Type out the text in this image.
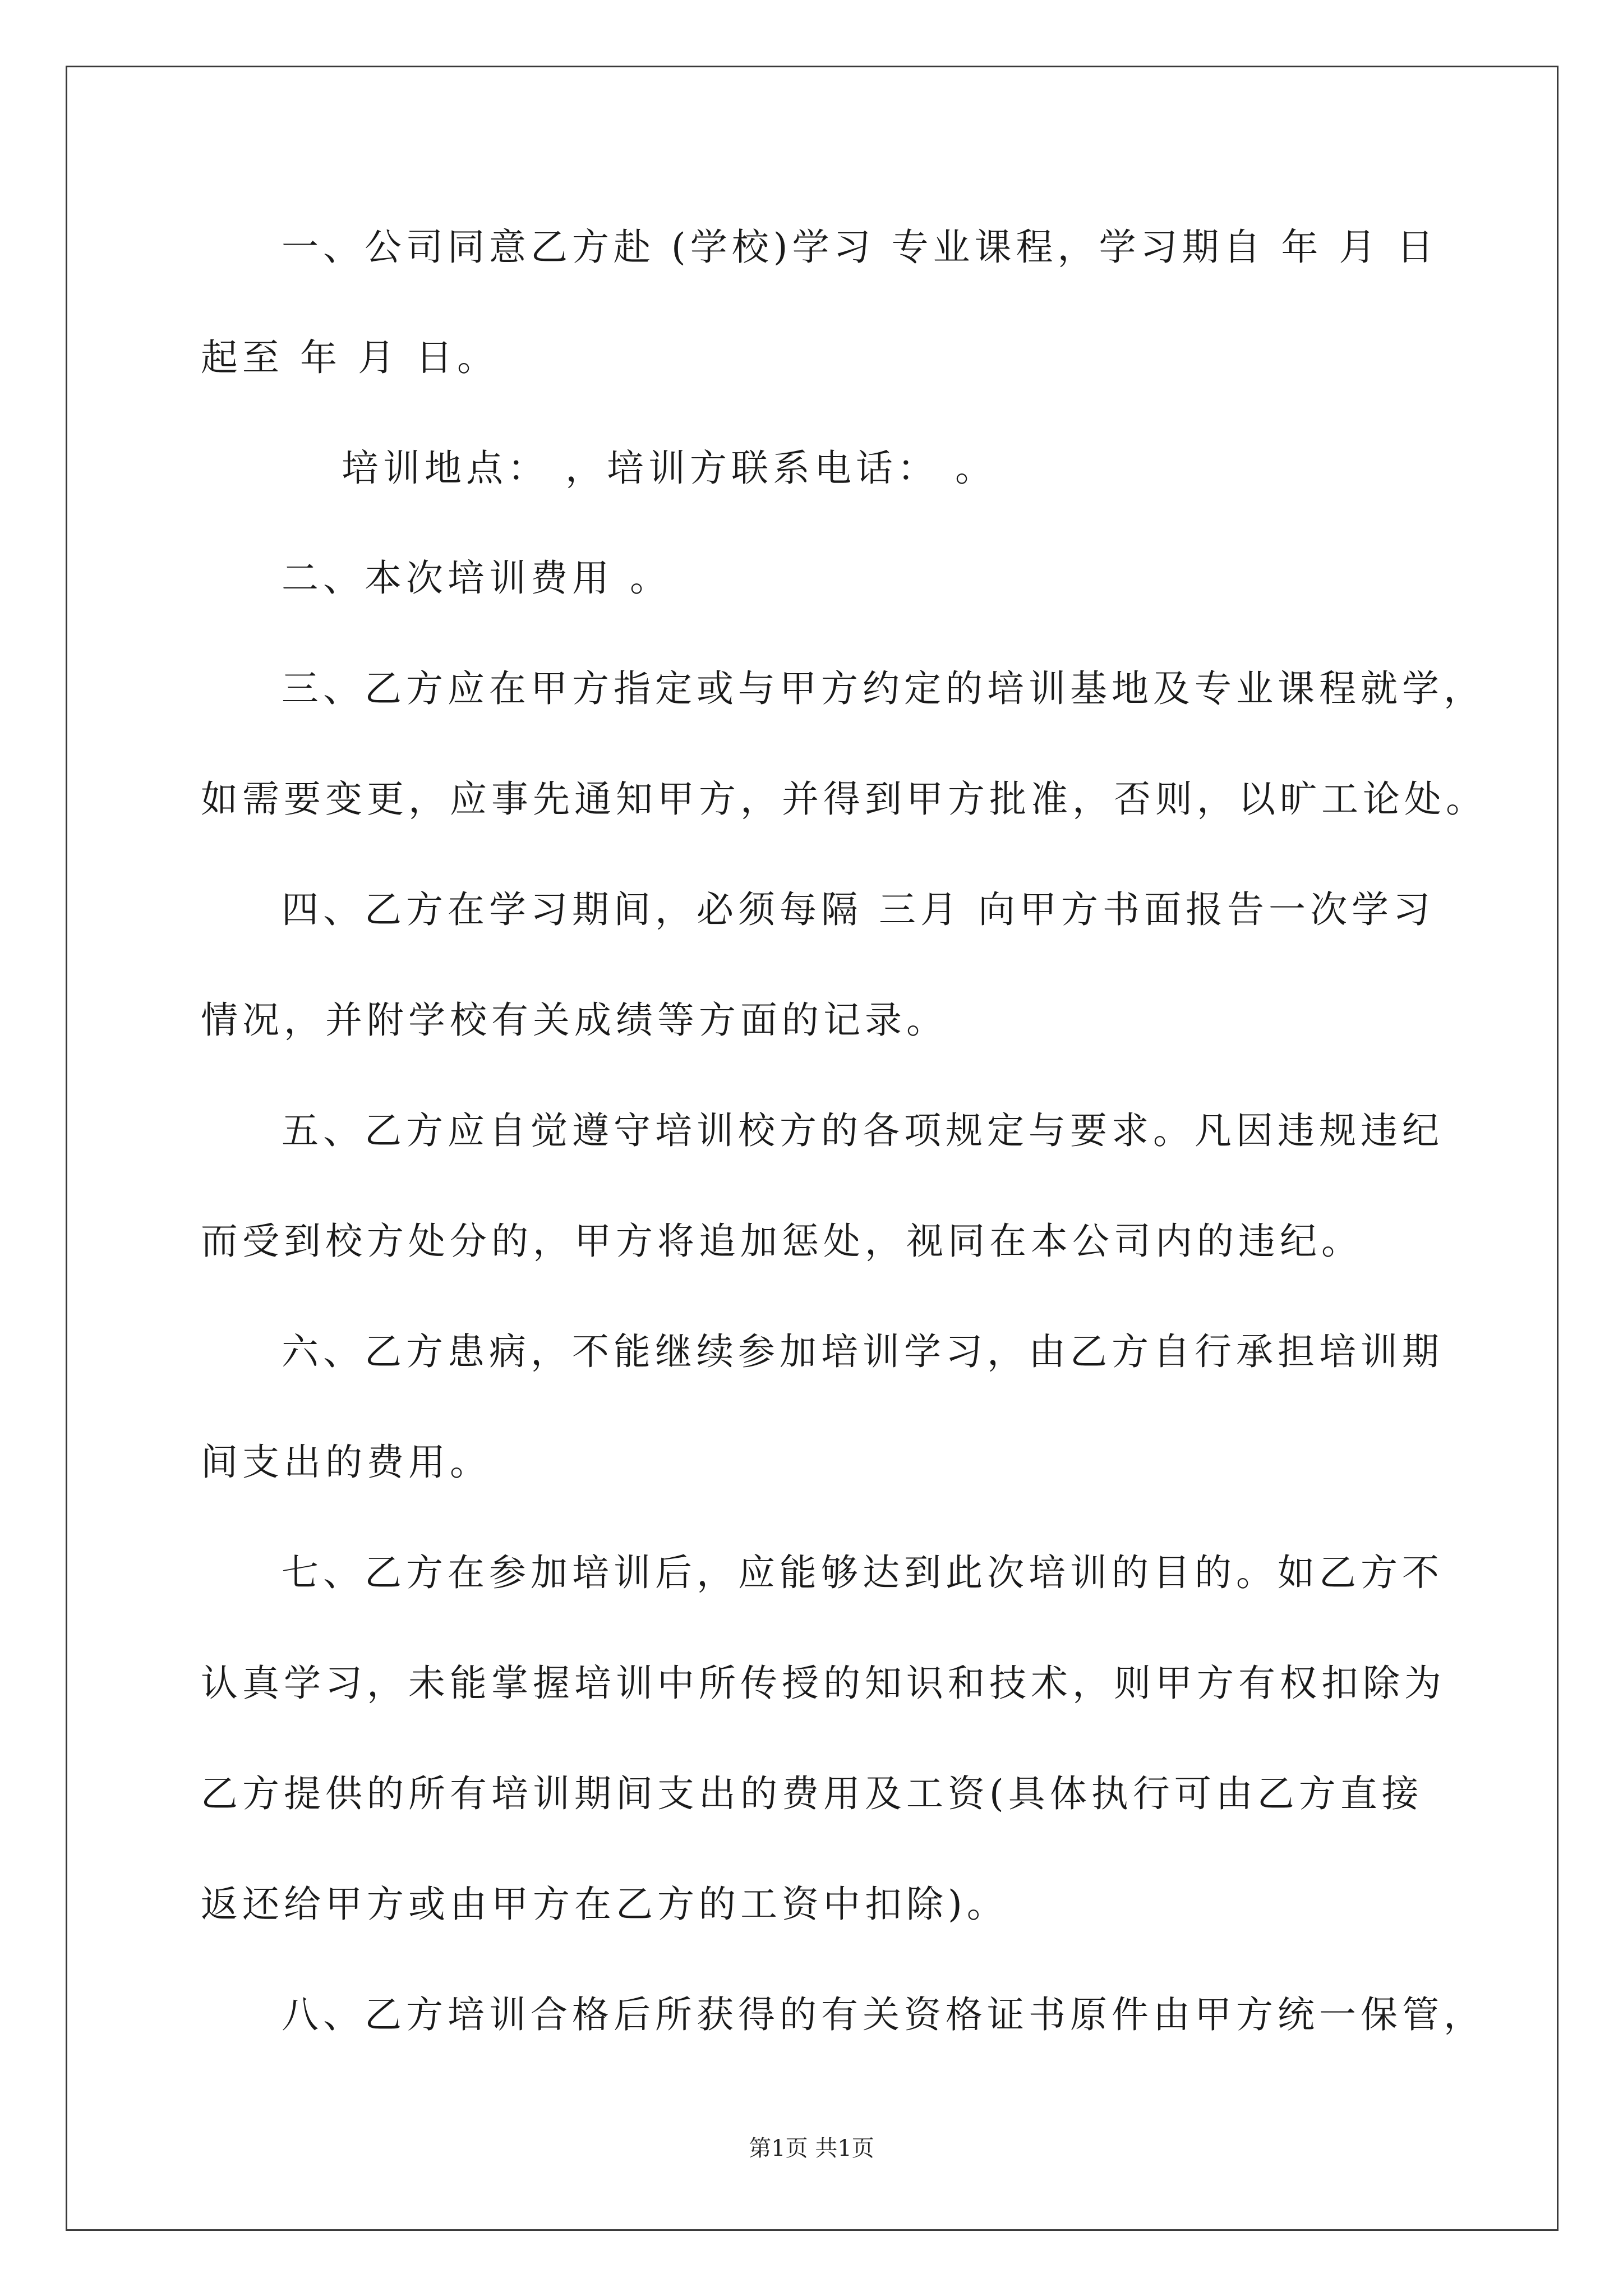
一、公司同意乙方赴 (学校)学习 专业课程，学习期自 年 月 日
起至 年 月 日。
培训地点： ，培训方联系电话： 。
二、本次培训费用 。
三、乙方应在甲方指定或与甲方约定的培训基地及专业课程就学，
如需要变更，应事先通知甲方，并得到甲方批准，否则，以旷工论处。
四、乙方在学习期间，必须每隔 三月 向甲方书面报告一次学习
情况，并附学校有关成绩等方面的记录。
五、乙方应自觉遵守培训校方的各项规定与要求。凡因违规违纪
而受到校方处分的，甲方将追加惩处，视同在本公司内的违纪。
六、乙方患病，不能继续参加培训学习，由乙方自行承担培训期
间支出的费用。
七、乙方在参加培训后，应能够达到此次培训的目的。如乙方不
认真学习，未能掌握培训中所传授的知识和技术，则甲方有权扣除为
乙方提供的所有培训期间支出的费用及工资(具体执行可由乙方直接
返还给甲方或由甲方在乙方的工资中扣除)。
八、乙方培训合格后所获得的有关资格证书原件由甲方统一保管，
第1页 共1页
